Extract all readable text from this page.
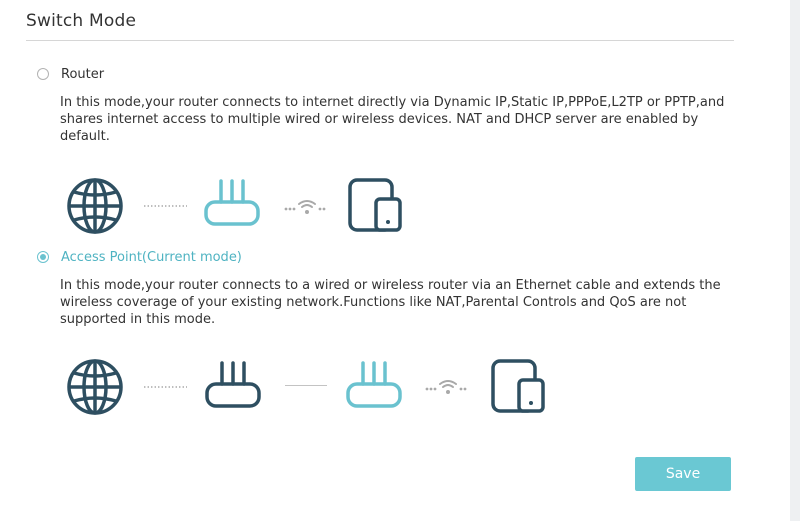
Switch Mode
Router
In this mode,your router connects to internet directly via Dynamic IP,Static IP,PPPoE,L2TP or PPTP,and shares internet access to multiple wired or wireless devices. NAT and DHCP server are enabled by default.
Access Point(Current mode)
In this mode,your router connects to a wired or wireless router via an Ethernet cable and extends the wireless coverage of your existing network.Functions like NAT,Parental Controls and QoS are not supported in this mode.
Save
